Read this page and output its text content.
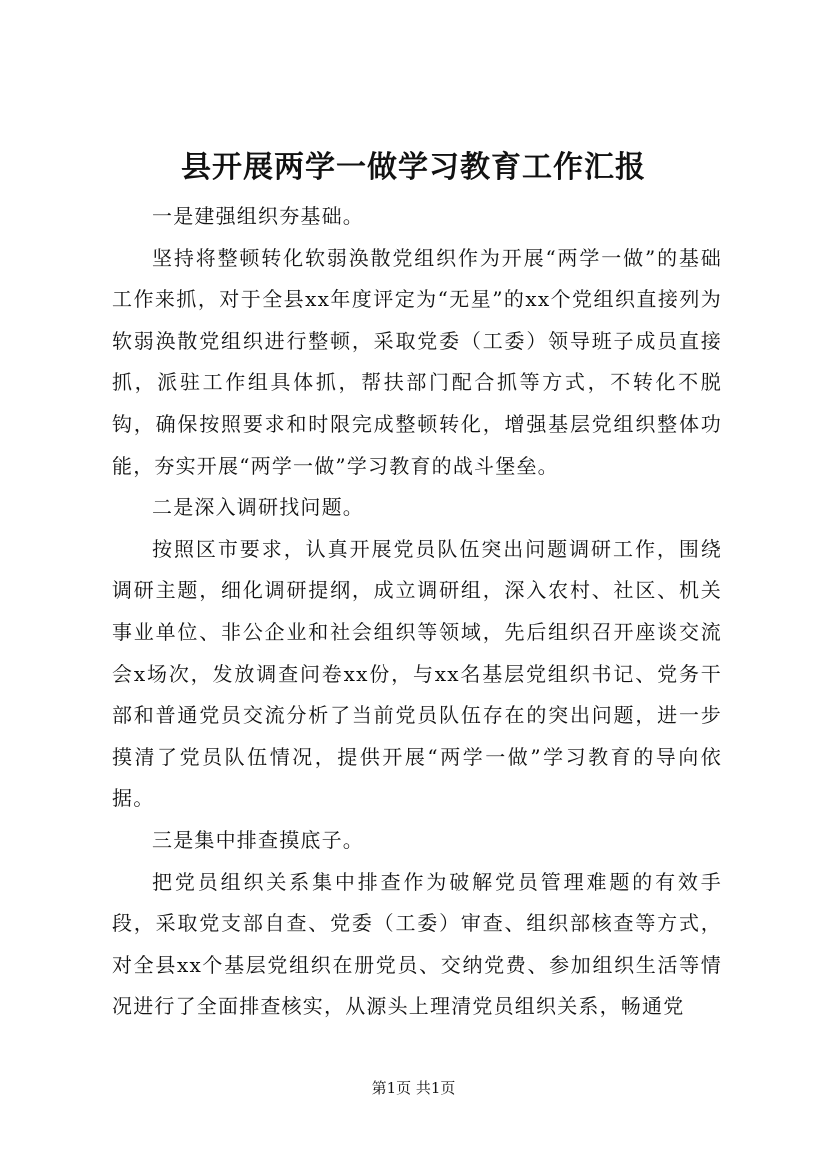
县开展两学一做学习教育工作汇报

一是建强组织夯基础。

坚持将整顿转化软弱涣散党组织作为开展“两学一做”的基础工作来抓，对于全县xx年度评定为“无星”的xx个党组织直接列为软弱涣散党组织进行整顿，采取党委（工委）领导班子成员直接抓，派驻工作组具体抓，帮扶部门配合抓等方式，不转化不脱钩，确保按照要求和时限完成整顿转化，增强基层党组织整体功能，夯实开展“两学一做”学习教育的战斗堡垒。

二是深入调研找问题。

按照区市要求，认真开展党员队伍突出问题调研工作，围绕调研主题，细化调研提纲，成立调研组，深入农村、社区、机关事业单位、非公企业和社会组织等领域，先后组织召开座谈交流会x场次，发放调查问卷xx份，与xx名基层党组织书记、党务干部和普通党员交流分析了当前党员队伍存在的突出问题，进一步摸清了党员队伍情况，提供开展“两学一做”学习教育的导向依据。

三是集中排查摸底子。

把党员组织关系集中排查作为破解党员管理难题的有效手段，采取党支部自查、党委（工委）审查、组织部核查等方式，对全县xx个基层党组织在册党员、交纳党费、参加组织生活等情况进行了全面排查核实，从源头上理清党员组织关系，畅通党

第1页 共1页
